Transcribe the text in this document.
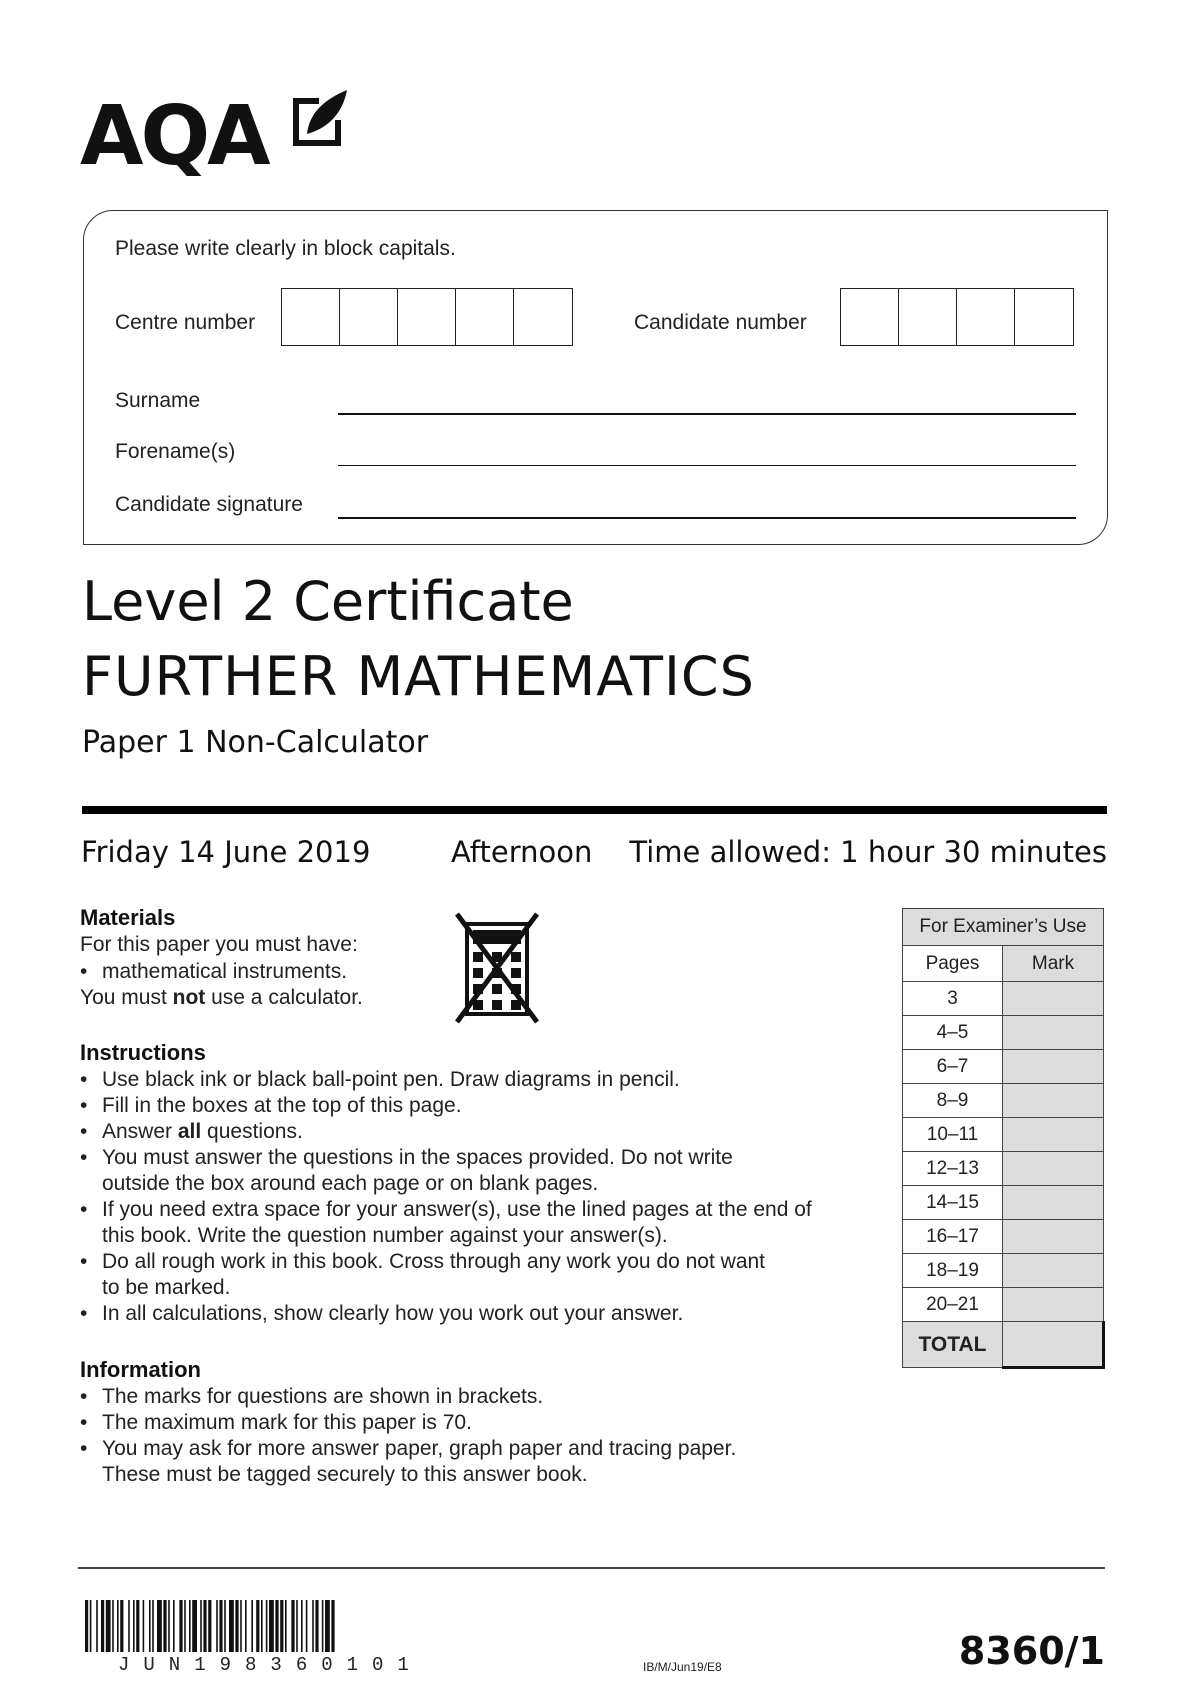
AQA
Please write clearly in block capitals.
Centre number	Candidate number
Surname
Forename(s)
Candidate signature
Level 2 Certificate
FURTHER MATHEMATICS
Paper 1 Non-Calculator
Friday 14 June 2019	Afternoon Time allowed: 1 hour 30 minutes
Materials
For this paper you must have:
• mathematical instruments.
You must not use a calculator.
Instructions
• Use black ink or black ball-point pen. Draw diagrams in pencil.
• Fill in the boxes at the top of this page.
• Answer all questions.
• You must answer the questions in the spaces provided. Do not write
outside the box around each page or on blank pages.
• If you need extra space for your answer(s), use the lined pages at the end of
this book. Write the question number against your answer(s).
• Do all rough work in this book. Cross through any work you do not want
to be marked.
• In all calculations, show clearly how you work out your answer.
Information
• The marks for questions are shown in brackets.
• The maximum mark for this paper is 70.
• You may ask for more answer paper, graph paper and tracing paper.
These must be tagged securely to this answer book.
For Examiner’s Use	
Pages	Mark
3	
4–5	
6–7	
8–9	
10–11	
12–13	
14–15	
16–17	
18–19	
20–21	
TOTAL	
JUN198360101	IB/M/Jun19/E8	8360/1
